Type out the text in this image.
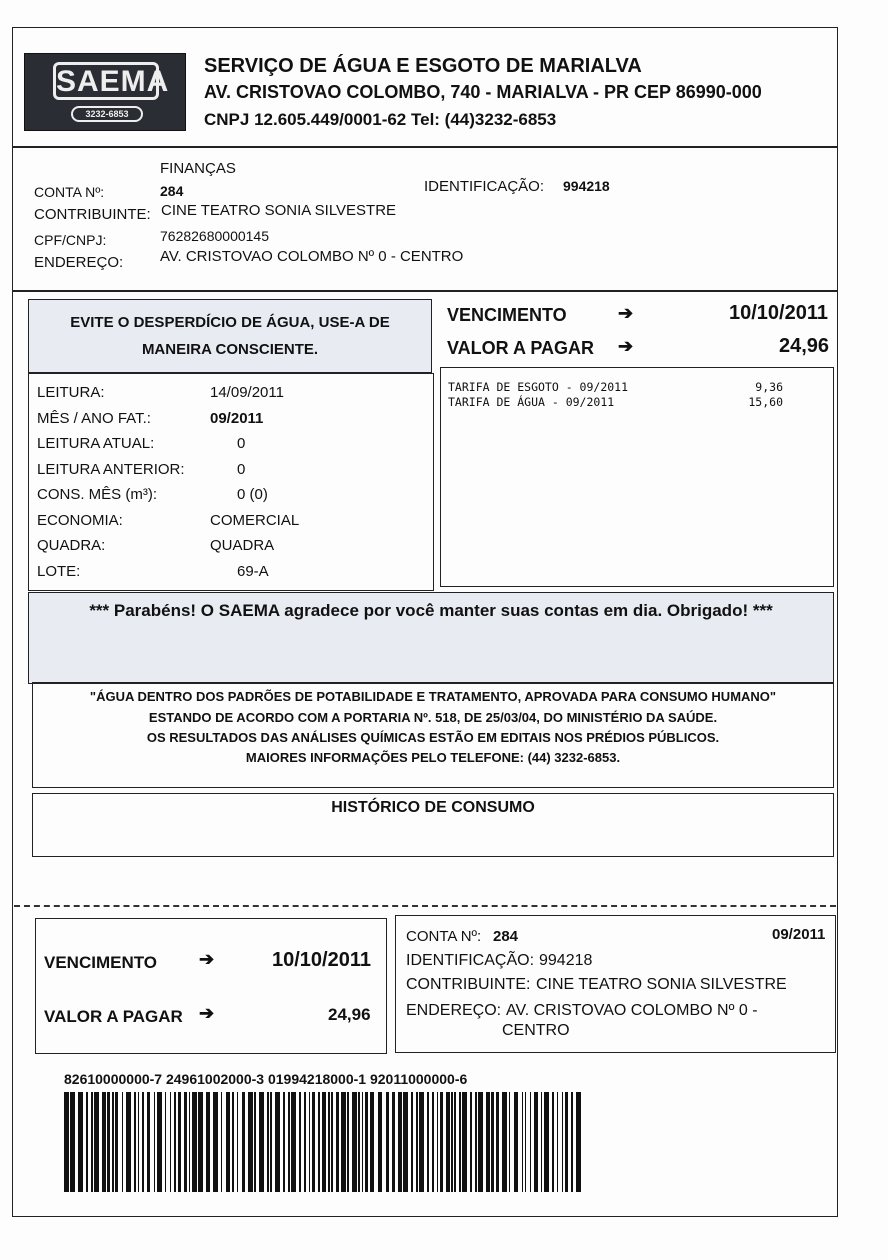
SAEMA
3232-6853
SERVIÇO DE ÁGUA E ESGOTO DE MARIALVA
AV. CRISTOVAO COLOMBO, 740 - MARIALVA - PR CEP 86990-000
CNPJ 12.605.449/0001-62 Tel: (44)3232-6853
FINANÇAS
CONTA Nº:	284	IDENTIFICAÇÃO: 994218
CONTRIBUINTE: CINE TEATRO SONIA SILVESTRE
CPF/CNPJ:	76282680000145
ENDEREÇO: AV. CRISTOVAO COLOMBO Nº 0 - CENTRO
EVITE O DESPERDÍCIO DE ÁGUA, USE-A DE
MANEIRA CONSCIENTE.
VENCIMENTO	➔	10/10/2011
VALOR A PAGAR ➔	24,96
LEITURA:	14/09/2011
MÊS / ANO FAT.:	09/2011
LEITURA ATUAL:	0
LEITURA ANTERIOR:	0
CONS. MÊS (m³):	0 (0)
ECONOMIA:	COMERCIAL
QUADRA:	QUADRA
LOTE:	69-A
TARIFA DE ESGOTO - 09/2011	9,36
TARIFA DE ÁGUA - 09/2011	15,60
*** Parabéns! O SAEMA agradece por você manter suas contas em dia. Obrigado! ***
"ÁGUA DENTRO DOS PADRÕES DE POTABILIDADE E TRATAMENTO, APROVADA PARA CONSUMO HUMANO"
ESTANDO DE ACORDO COM A PORTARIA Nº. 518, DE 25/03/04, DO MINISTÉRIO DA SAÚDE.
OS RESULTADOS DAS ANÁLISES QUÍMICAS ESTÃO EM EDITAIS NOS PRÉDIOS PÚBLICOS.
MAIORES INFORMAÇÕES PELO TELEFONE: (44) 3232-6853.
HISTÓRICO DE CONSUMO
VENCIMENTO ➔	10/10/2011
VALOR A PAGAR ➔	24,96
CONTA Nº: 284	09/2011
IDENTIFICAÇÃO: 994218
CONTRIBUINTE: CINE TEATRO SONIA SILVESTRE
ENDEREÇO: AV. CRISTOVAO COLOMBO Nº 0 -
CENTRO
82610000000-7 24961002000-3 01994218000-1 92011000000-6
